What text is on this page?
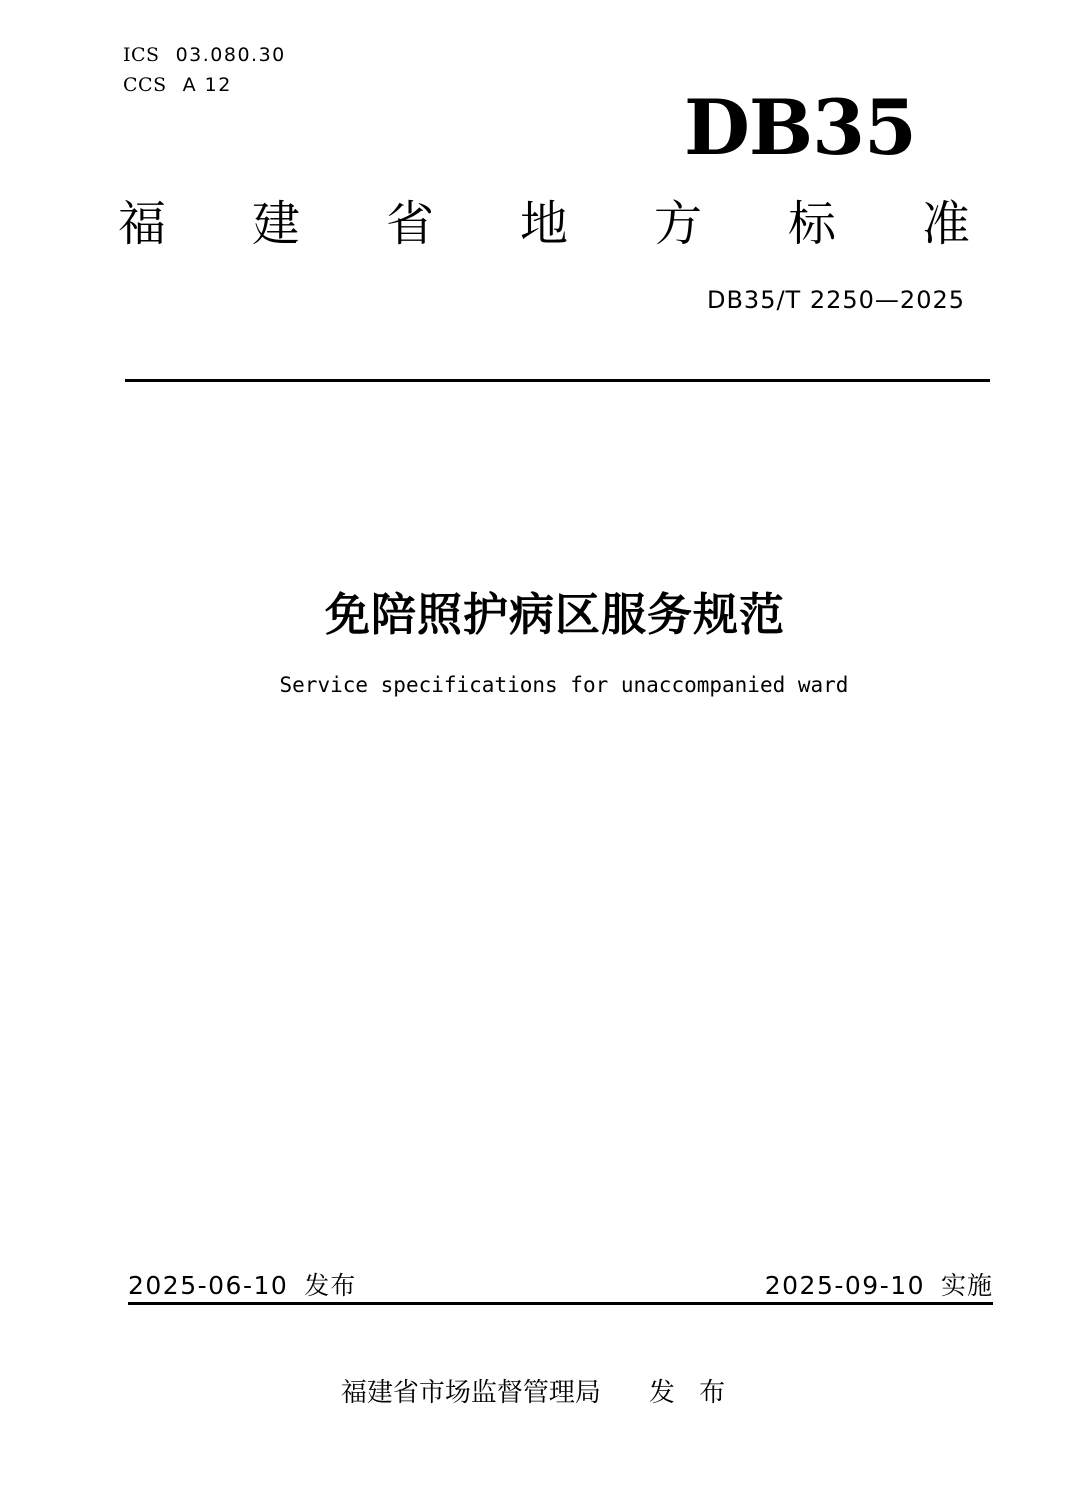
ICS 03.080.30
CCS A 12	DB35
福建省地方标准
DB35/T 2250—2025
免陪照护病区服务规范
Service specifications for unaccompanied ward
2025-06-10 发布	2025-09-10 实施
福建省市场监督管理局 发 布
